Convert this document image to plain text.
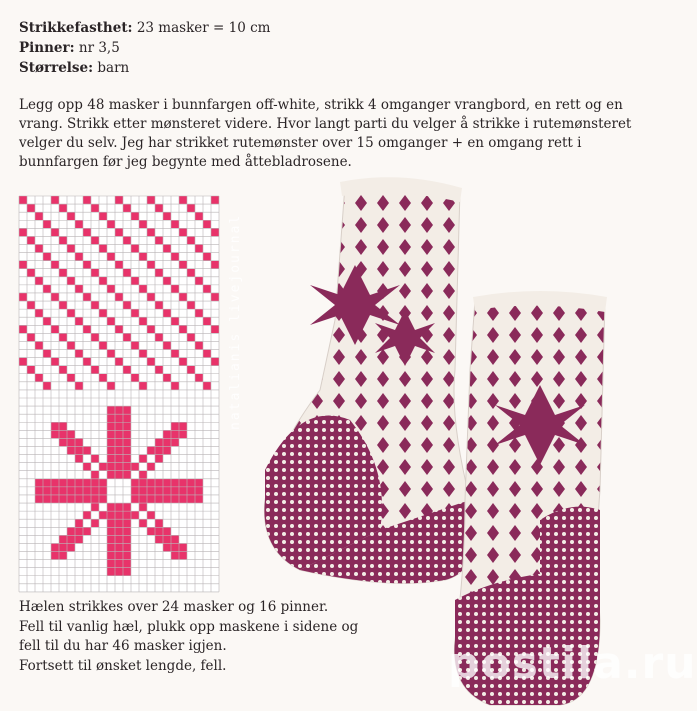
Strikkefasthet: 23 masker = 10 cm
Pinner: nr 3,5
Størrelse: barn
Legg opp 48 masker i bunnfargen off-white, strikk 4 omganger vrangbord, en rett og en vrang. Strikk etter mønsteret videre. Hvor langt parti du velger å strikke i rutemønsteret velger du selv. Jeg har strikket rutemønster over 15 omganger + en omgang rett i bunnfargen før jeg begynte med åttebladrosene.
natalianis livejournal
Hælen strikkes over 24 masker og 16 pinner.
Fell til vanlig hæl, plukk opp maskene i sidene og
fell til du har 46 masker igjen.
Fortsett til ønsket lengde, fell.	postila.ru
